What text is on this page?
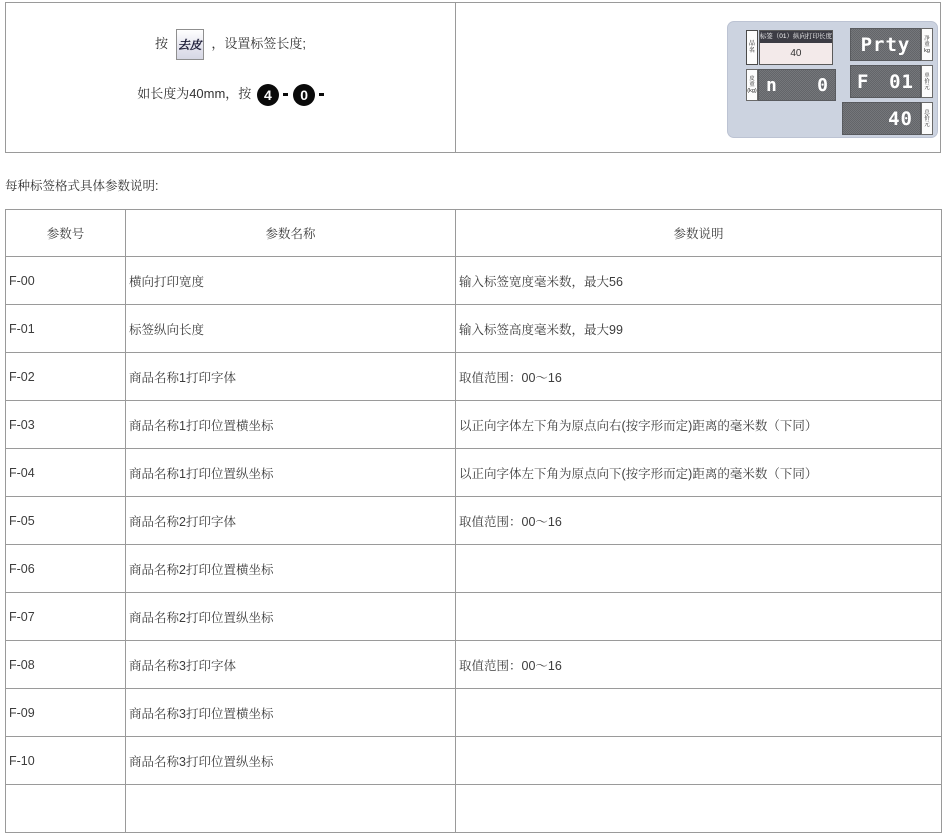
按 去皮 ，设置标签长度;
如长度为40mm，按 4 0

品名
标签（01）纵向打印长度
40
皮重
(kg) n 0
Prty	净重
kg
F 01	单价
元
40	总价
元
每种标签格式具体参数说明:
参数号	参数名称	参数说明
F-00	横向打印宽度	输入标签宽度毫米数，最大56
F-01	标签纵向长度	输入标签高度毫米数，最大99
F-02	商品名称1打印字体	取值范围：00～16
F-03	商品名称1打印位置横坐标	以正向字体左下角为原点向右(按字形而定)距离的毫米数（下同）
F-04	商品名称1打印位置纵坐标	以正向字体左下角为原点向下(按字形而定)距离的毫米数（下同）
F-05	商品名称2打印字体	取值范围：00～16
F-06	商品名称2打印位置横坐标	
F-07	商品名称2打印位置纵坐标	
F-08	商品名称3打印字体	取值范围：00～16
F-09	商品名称3打印位置横坐标	
F-10	商品名称3打印位置纵坐标	
